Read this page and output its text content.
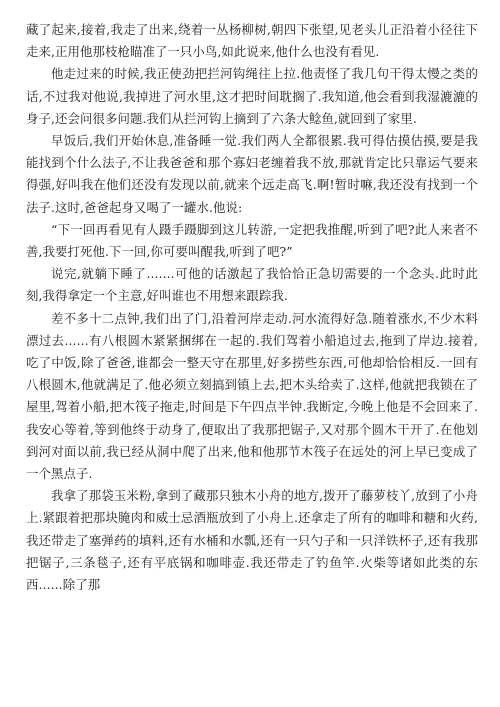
藏了起来,接着,我走了出来,绕着一丛杨柳树,朝四下张望,见老头儿正沿着小径往下走来,正用他那枝枪瞄准了一只小鸟,如此说来,他什么也没有看见.

他走过来的时候,我正使劲把拦河钩绳往上拉.他责怪了我几句干得太慢之类的话,不过我对他说,我掉进了河水里,这才把时间耽搁了.我知道,他会看到我湿漉漉的身子,还会问很多问题.我们从拦河钩上摘到了六条大鲶鱼,就回到了家里.

早饭后,我们开始休息,准备睡一觉.我们两人全都很累.我可得估摸估摸,要是我能找到个什么法子,不让我爸爸和那个寡妇老缠着我不放,那就肯定比只靠运气要来得强,好叫我在他们还没有发现以前,就来个远走高飞.啊!暂时嘛,我还没有找到一个法子.这时,爸爸起身又喝了一罐水.他说:

“下一回再看见有人蹑手蹑脚到这儿转游,一定把我推醒,听到了吧?此人来者不善,我要打死他.下一回,你可要叫醒我,听到了吧?”

说完,就躺下睡了.......可他的话激起了我恰恰正急切需要的一个念头.此时此刻,我得拿定一个主意,好叫谁也不用想来跟踪我.

差不多十二点钟,我们出了门,沿着河岸走动.河水流得好急.随着涨水,不少木料漂过去......有八根圆木紧紧捆绑在一起的.我们驾着小船追过去,拖到了岸边.接着,吃了中饭,除了爸爸,谁都会一整天守在那里,好多捞些东西,可他却恰恰相反.一回有八根圆木,他就满足了.他必须立刻搞到镇上去,把木头给卖了.这样,他就把我锁在了屋里,驾着小船,把木筏子拖走,时间是下午四点半钟.我断定,今晚上他是不会回来了.我安心等着,等到他终于动身了,便取出了我那把锯子,又对那个圆木干开了.在他划到河对面以前,我已经从洞中爬了出来,他和他那节木筏子在远处的河上早已变成了一个黑点子.

我拿了那袋玉米粉,拿到了藏那只独木小舟的地方,拨开了藤萝枝丫,放到了小舟上.紧跟着把那块腌肉和威士忌酒瓶放到了小舟上.还拿走了所有的咖啡和糖和火药,我还带走了塞弹药的填料,还有水桶和水瓢,还有一只勺子和一只洋铁杯子,还有我那把锯子,三条毯子,还有平底锅和咖啡壶.我还带走了钓鱼竿.火柴等诸如此类的东西......除了那
